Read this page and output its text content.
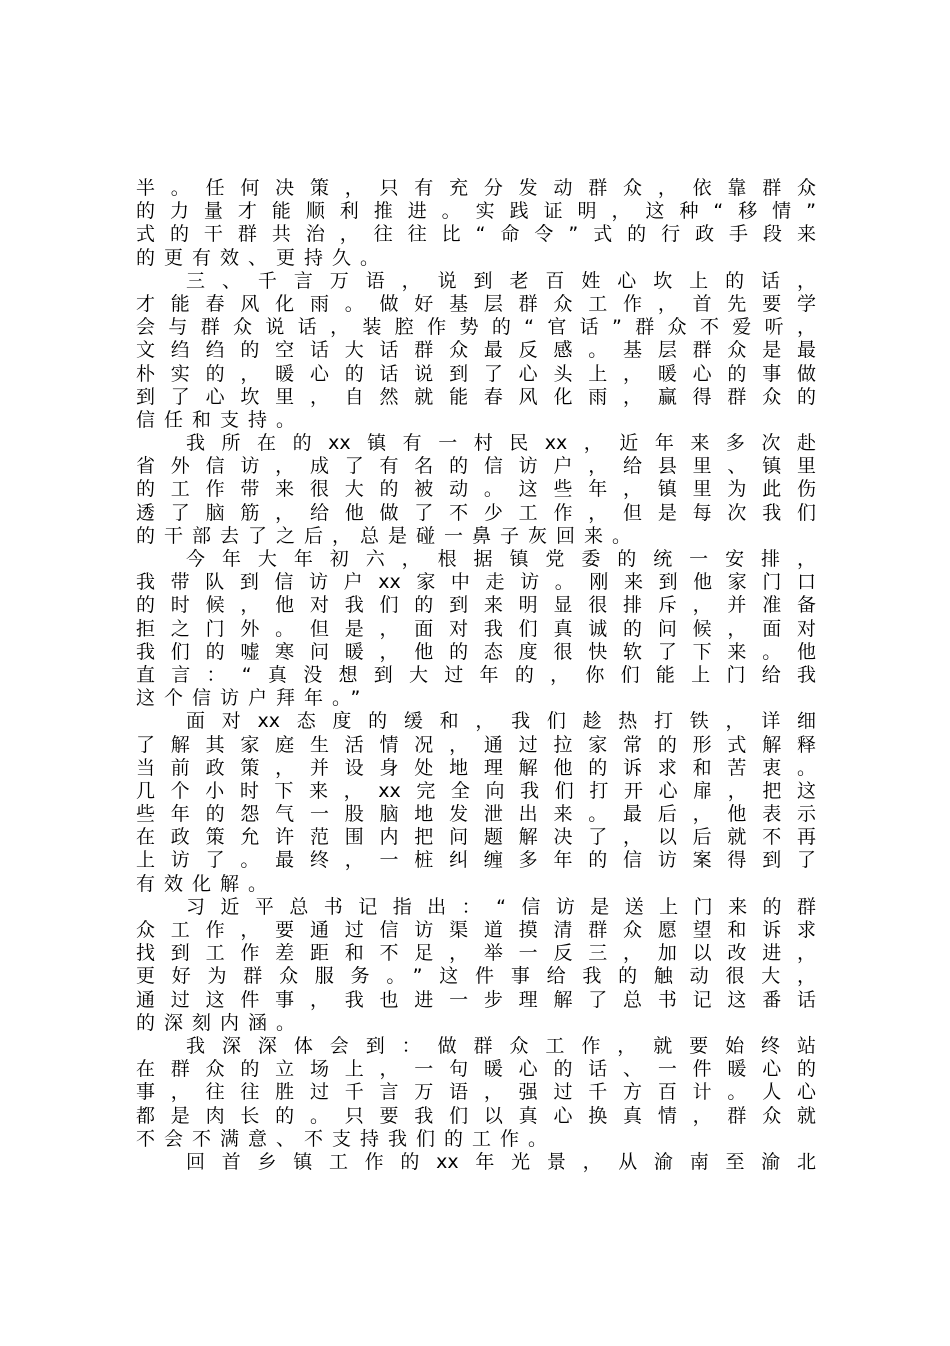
半。任何决策，只有充分发动群众，依靠群众
的力量才能顺利推进。实践证明，这种“移情”
式的干群共治，往往比“命令”式的行政手段来
的更有效、更持久。
三、千言万语，说到老百姓心坎上的话，
才能春风化雨。做好基层群众工作，首先要学
会与群众说话，装腔作势的“官话”群众不爱听，
文绉绉的空话大话群众最反感。基层群众是最
朴实的，暖心的话说到了心头上，暖心的事做
到了心坎里，自然就能春风化雨，赢得群众的
信任和支持。
我所在的xx镇有一村民xx，近年来多次赴
省外信访，成了有名的信访户，给县里、镇里
的工作带来很大的被动。这些年，镇里为此伤
透了脑筋，给他做了不少工作，但是每次我们
的干部去了之后，总是碰一鼻子灰回来。
今年大年初六，根据镇党委的统一安排，
我带队到信访户xx家中走访。刚来到他家门口
的时候，他对我们的到来明显很排斥，并准备
拒之门外。但是，面对我们真诚的问候，面对
我们的嘘寒问暖，他的态度很快软了下来。他
直言：“真没想到大过年的，你们能上门给我
这个信访户拜年。”
面对xx态度的缓和，我们趁热打铁，详细
了解其家庭生活情况，通过拉家常的形式解释
当前政策，并设身处地理解他的诉求和苦衷。
几个小时下来，xx完全向我们打开心扉，把这
些年的怨气一股脑地发泄出来。最后，他表示
在政策允许范围内把问题解决了，以后就不再
上访了。最终，一桩纠缠多年的信访案得到了
有效化解。
习近平总书记指出：“信访是送上门来的群
众工作，要通过信访渠道摸清群众愿望和诉求
找到工作差距和不足，举一反三，加以改进，
更好为群众服务。”这件事给我的触动很大，
通过这件事，我也进一步理解了总书记这番话
的深刻内涵。
我深深体会到：做群众工作，就要始终站
在群众的立场上，一句暖心的话、一件暖心的
事，往往胜过千言万语，强过千方百计。人心
都是肉长的。只要我们以真心换真情，群众就
不会不满意、不支持我们的工作。
回首乡镇工作的xx年光景，从渝南至渝北
